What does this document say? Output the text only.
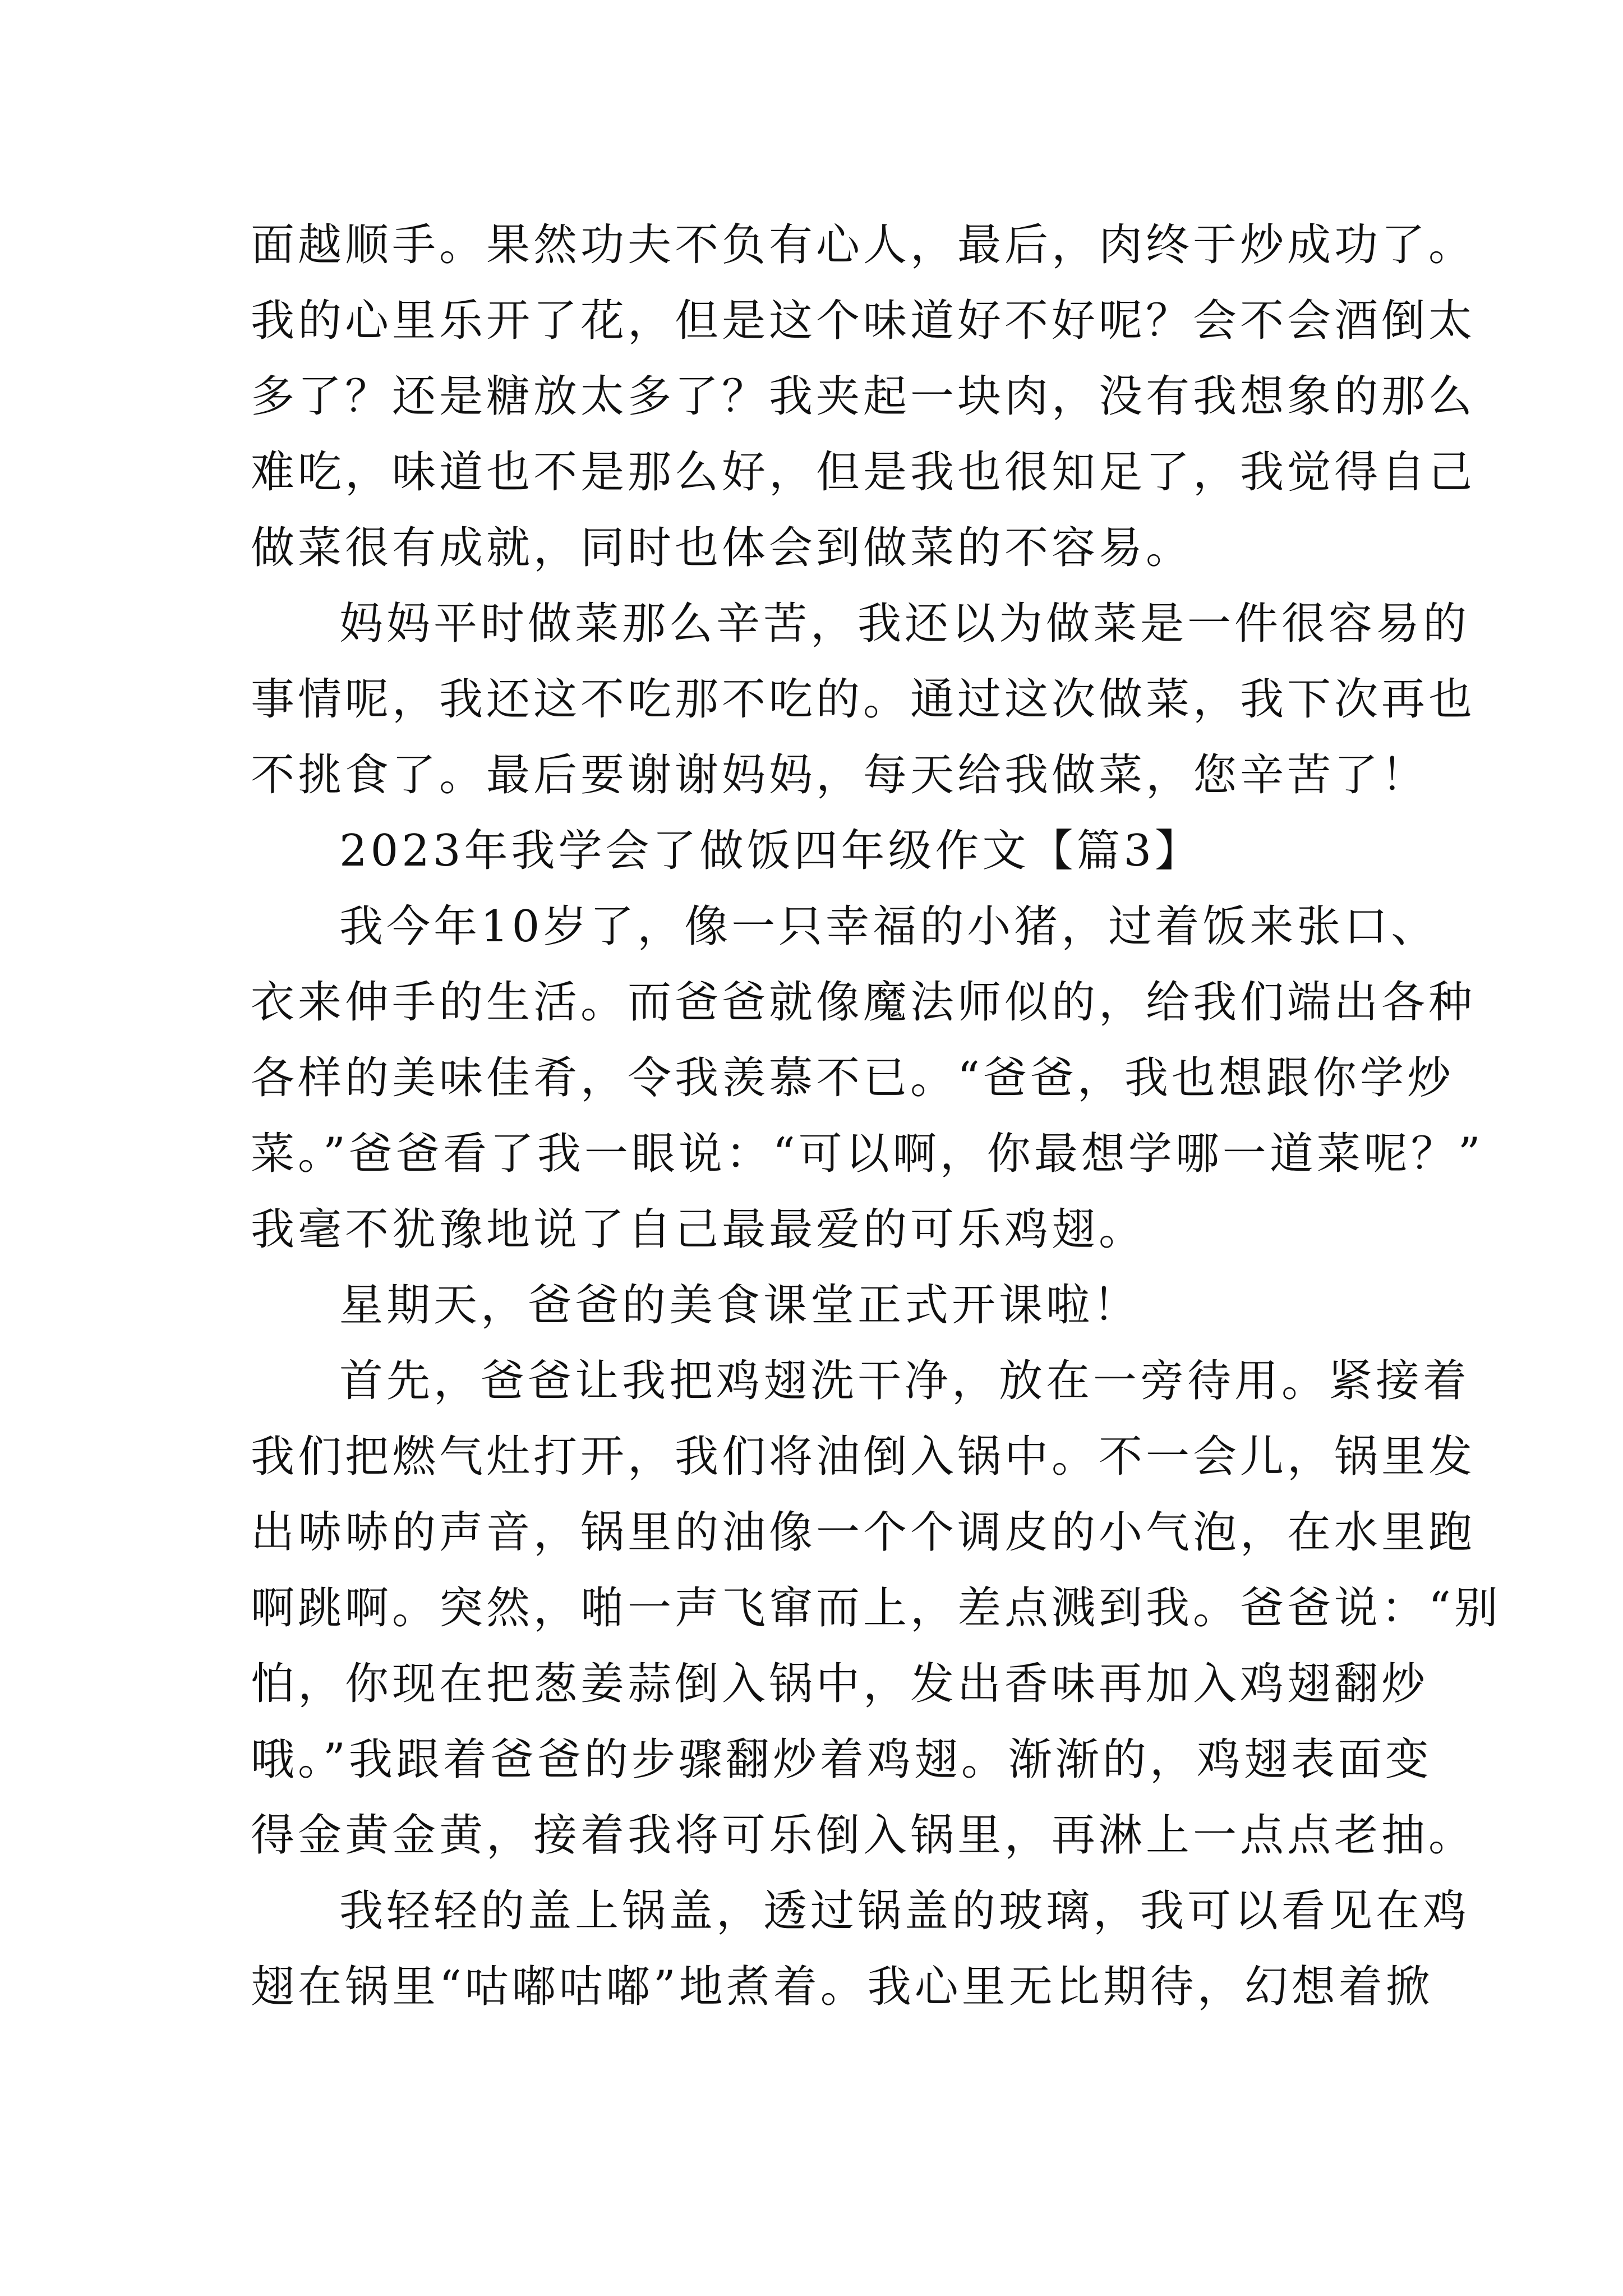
面越顺手。果然功夫不负有心人，最后，肉终于炒成功了。
我的心里乐开了花，但是这个味道好不好呢？会不会酒倒太
多了？还是糖放太多了？我夹起一块肉，没有我想象的那么
难吃，味道也不是那么好，但是我也很知足了，我觉得自己
做菜很有成就，同时也体会到做菜的不容易。
妈妈平时做菜那么辛苦，我还以为做菜是一件很容易的
事情呢，我还这不吃那不吃的。通过这次做菜，我下次再也
不挑食了。最后要谢谢妈妈，每天给我做菜，您辛苦了！
2023年我学会了做饭四年级作文【篇3】
我今年10岁了，像一只幸福的小猪，过着饭来张口、
衣来伸手的生活。而爸爸就像魔法师似的，给我们端出各种
各样的美味佳肴，令我羡慕不已。“爸爸，我也想跟你学炒
菜。”爸爸看了我一眼说：“可以啊，你最想学哪一道菜呢？”
我毫不犹豫地说了自己最最爱的可乐鸡翅。
星期天，爸爸的美食课堂正式开课啦！
首先，爸爸让我把鸡翅洗干净，放在一旁待用。紧接着
我们把燃气灶打开，我们将油倒入锅中。不一会儿，锅里发
出哧哧的声音，锅里的油像一个个调皮的小气泡，在水里跑
啊跳啊。突然，啪一声飞窜而上，差点溅到我。爸爸说：“别
怕，你现在把葱姜蒜倒入锅中，发出香味再加入鸡翅翻炒
哦。”我跟着爸爸的步骤翻炒着鸡翅。渐渐的，鸡翅表面变
得金黄金黄，接着我将可乐倒入锅里，再淋上一点点老抽。
我轻轻的盖上锅盖，透过锅盖的玻璃，我可以看见在鸡
翅在锅里“咕嘟咕嘟”地煮着。我心里无比期待，幻想着掀
